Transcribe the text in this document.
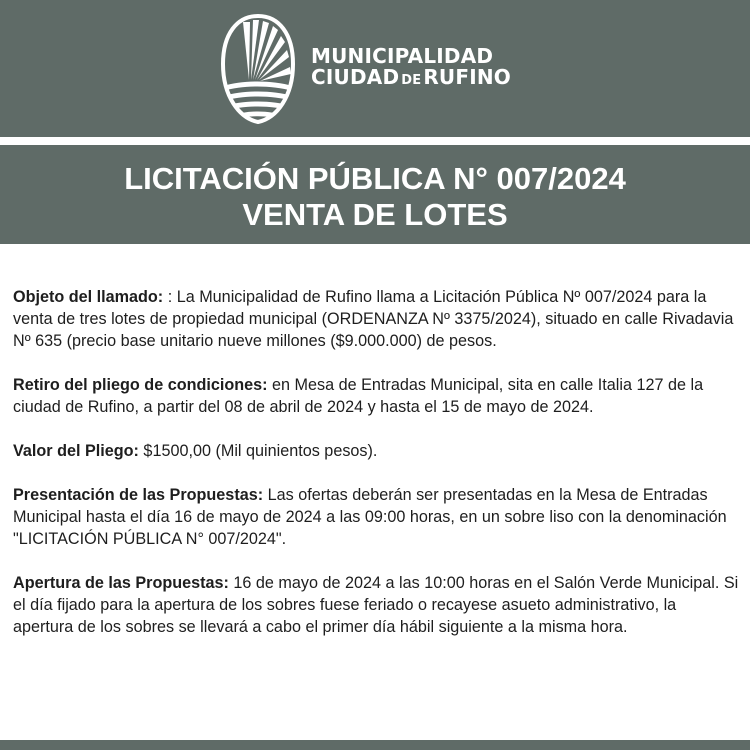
MUNICIPALIDAD
CIUDAD DE RUFINO
LICITACIÓN PÚBLICA N° 007/2024
VENTA DE LOTES

Objeto del llamado: : La Municipalidad de Rufino llama a Licitación Pública Nº 007/2024 para la venta de tres lotes de propiedad municipal (ORDENANZA Nº 3375/2024), situado en calle Rivadavia Nº 635 (precio base unitario nueve millones ($9.000.000) de pesos.

Retiro del pliego de condiciones: en Mesa de Entradas Municipal, sita en calle Italia 127 de la ciudad de Rufino, a partir del 08 de abril de 2024 y hasta el 15 de mayo de 2024.

Valor del Pliego: $1500,00 (Mil quinientos pesos).

Presentación de las Propuestas: Las ofertas deberán ser presentadas en la Mesa de Entradas Municipal hasta el día 16 de mayo de 2024 a las 09:00 horas, en un sobre liso con la denominación "LICITACIÓN PÚBLICA N° 007/2024".

Apertura de las Propuestas: 16 de mayo de 2024 a las 10:00 horas en el Salón Verde Municipal. Si el día fijado para la apertura de los sobres fuese feriado o recayese asueto administrativo, la apertura de los sobres se llevará a cabo el primer día hábil siguiente a la misma hora.
